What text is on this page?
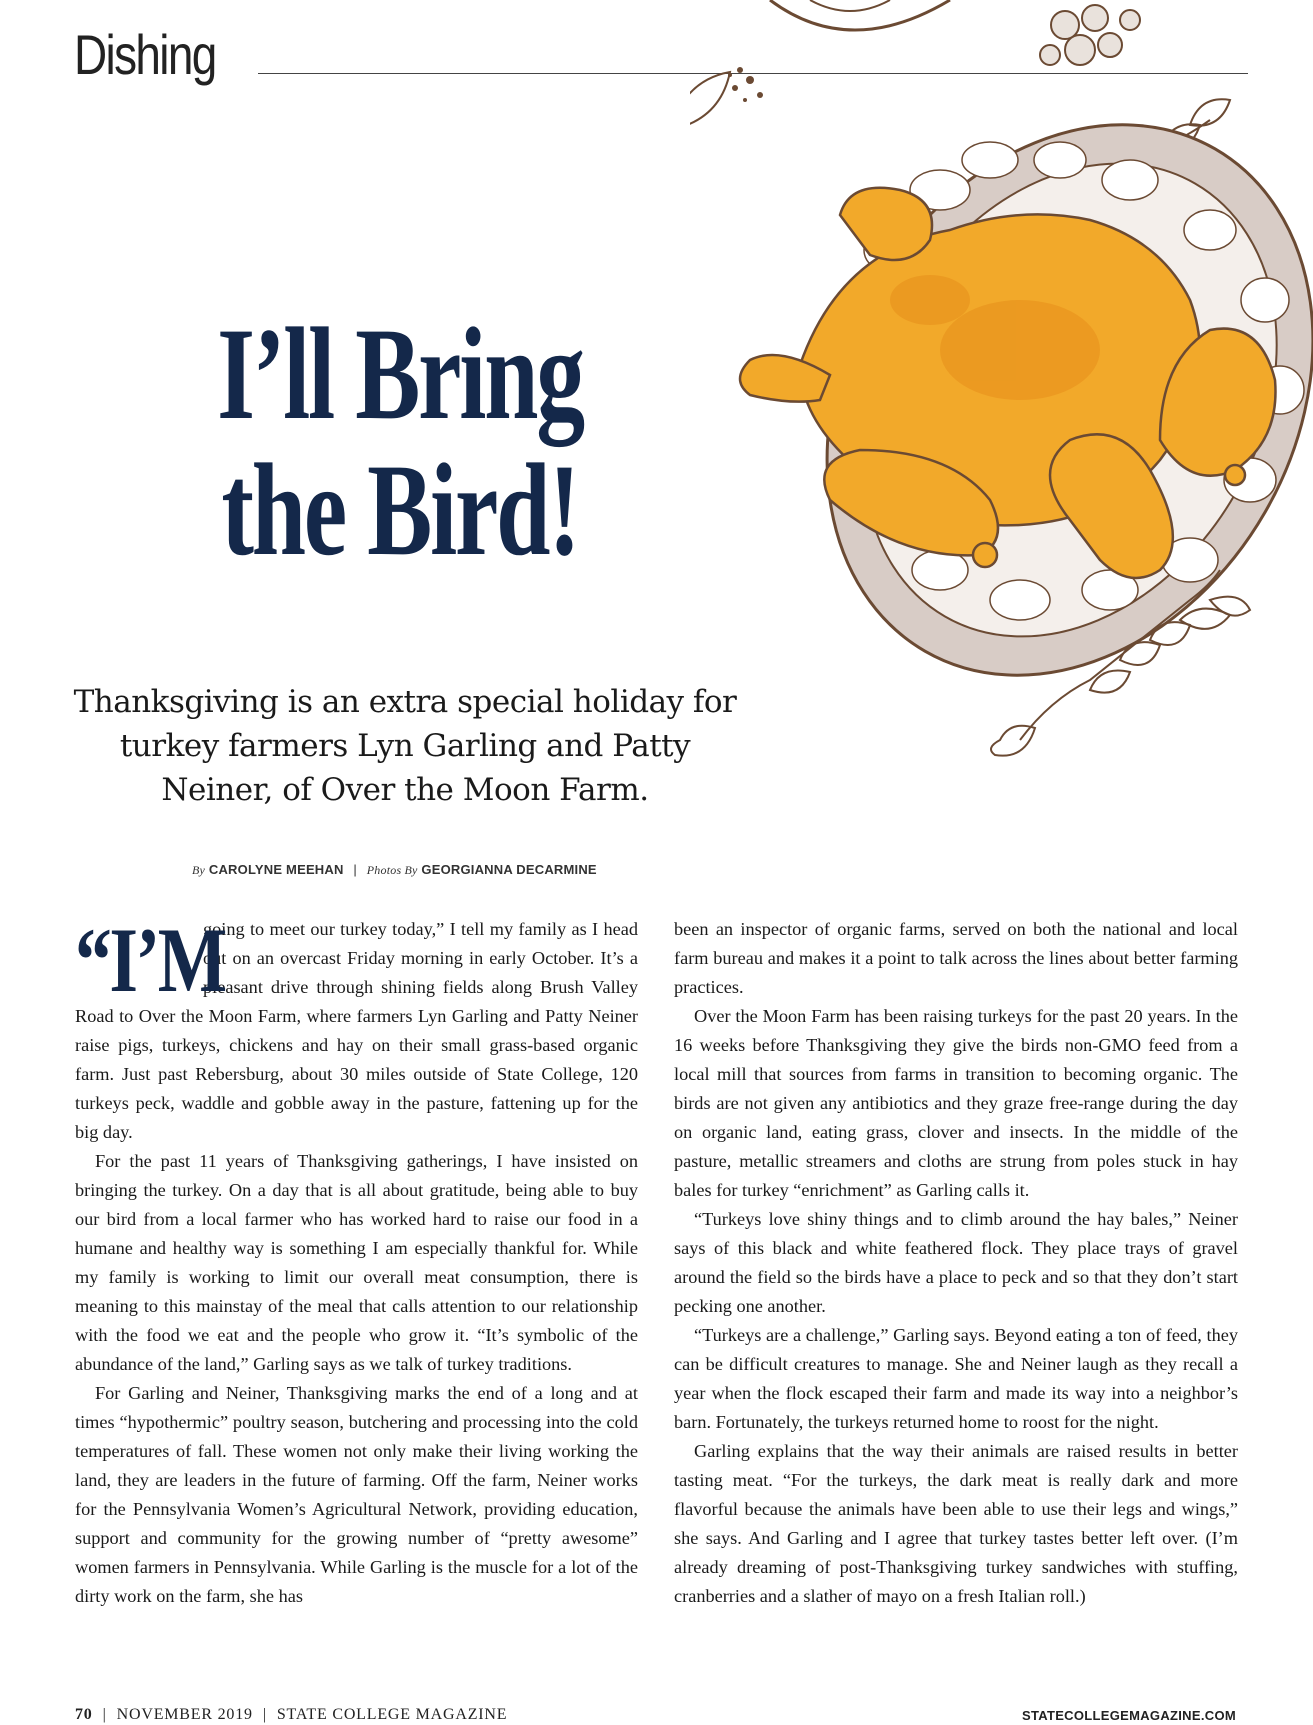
Dishing
I’ll Bring
the Bird!

Thanksgiving is an extra special holiday for turkey farmers Lyn Garling and Patty Neiner, of Over the Moon Farm.

By CAROLYNE MEEHAN | Photos By GEORGIANNA DECARMINE

“I’M
going to meet our turkey today,” I tell my family as I head out on an overcast Friday morning in early October. It’s a pleasant drive through shining fields along Brush Valley Road to Over the Moon Farm, where farmers Lyn Garling and Patty Neiner raise pigs, turkeys, chickens and hay on their small grass-based organic farm. Just past Rebersburg, about 30 miles outside of State College, 120 turkeys peck, waddle and gobble away in the pasture, fattening up for the big day.

For the past 11 years of Thanksgiving gatherings, I have insisted on bringing the turkey. On a day that is all about gratitude, being able to buy our bird from a local farmer who has worked hard to raise our food in a humane and healthy way is something I am especially thankful for. While my family is working to limit our overall meat consumption, there is meaning to this mainstay of the meal that calls attention to our relationship with the food we eat and the people who grow it. “It’s symbolic of the abundance of the land,” Garling says as we talk of turkey traditions.

For Garling and Neiner, Thanksgiving marks the end of a long and at times “hypothermic” poultry season, butchering and processing into the cold temperatures of fall. These women not only make their living working the land, they are leaders in the future of farming. Off the farm, Neiner works for the Pennsylvania Women’s Agricultural Network, providing education, support and community for the growing number of “pretty awesome” women farmers in Pennsylvania. While Garling is the muscle for a lot of the dirty work on the farm, she has

been an inspector of organic farms, served on both the national and local farm bureau and makes it a point to talk across the lines about better farming practices.

Over the Moon Farm has been raising turkeys for the past 20 years. In the 16 weeks before Thanksgiving they give the birds non-GMO feed from a local mill that sources from farms in transition to becoming organic. The birds are not given any antibiotics and they graze free-range during the day on organic land, eating grass, clover and insects. In the middle of the pasture, metallic streamers and cloths are strung from poles stuck in hay bales for turkey “enrichment” as Garling calls it.

“Turkeys love shiny things and to climb around the hay bales,” Neiner says of this black and white feathered flock. They place trays of gravel around the field so the birds have a place to peck and so that they don’t start pecking one another.

“Turkeys are a challenge,” Garling says. Beyond eating a ton of feed, they can be difficult creatures to manage. She and Neiner laugh as they recall a year when the flock escaped their farm and made its way into a neighbor’s barn. Fortunately, the turkeys returned home to roost for the night.

Garling explains that the way their animals are raised results in better tasting meat. “For the turkeys, the dark meat is really dark and more flavorful because the animals have been able to use their legs and wings,” she says. And Garling and I agree that turkey tastes better left over. (I’m already dreaming of post-Thanksgiving turkey sandwiches with stuffing, cranberries and a slather of mayo on a fresh Italian roll.)

70 | NOVEMBER 2019 | STATE COLLEGE MAGAZINE	STATECOLLEGEMAGAZINE.COM
